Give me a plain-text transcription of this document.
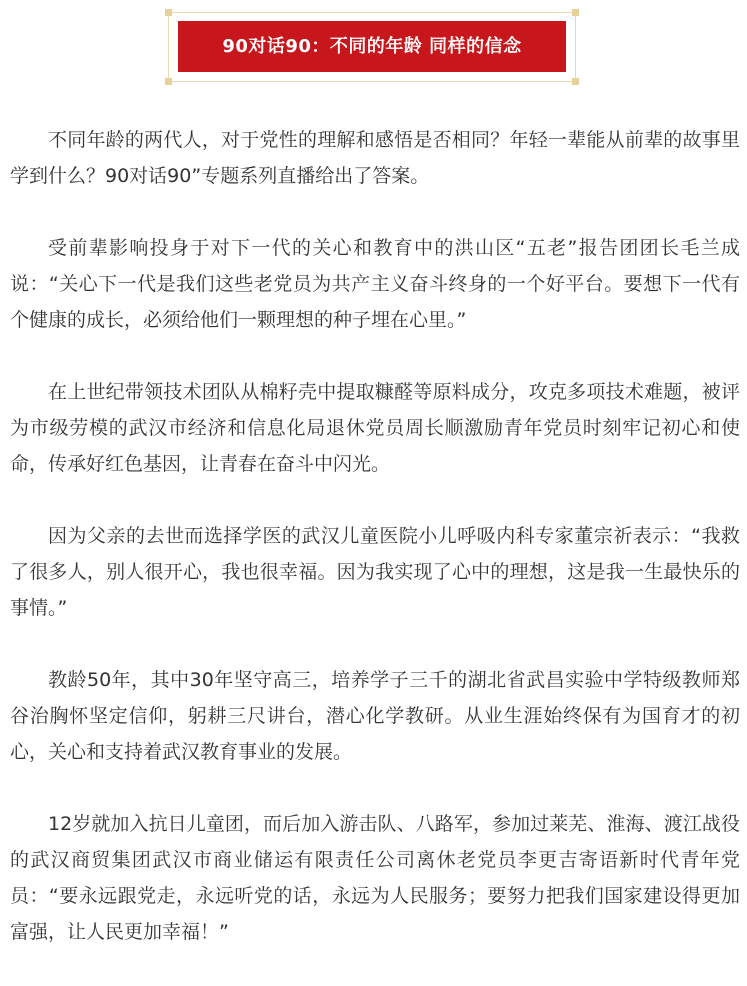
90对话90：不同的年龄 同样的信念

不同年龄的两代人，对于党性的理解和感悟是否相同？年轻一辈能从前辈的故事里学到什么？90对话90”专题系列直播给出了答案。

受前辈影响投身于对下一代的关心和教育中的洪山区“五老”报告团团长毛兰成说：“关心下一代是我们这些老党员为共产主义奋斗终身的一个好平台。要想下一代有个健康的成长，必须给他们一颗理想的种子埋在心里。”

在上世纪带领技术团队从棉籽壳中提取糠醛等原料成分，攻克多项技术难题，被评为市级劳模的武汉市经济和信息化局退休党员周长顺激励青年党员时刻牢记初心和使命，传承好红色基因，让青春在奋斗中闪光。

因为父亲的去世而选择学医的武汉儿童医院小儿呼吸内科专家董宗祈表示：“我救了很多人，别人很开心，我也很幸福。因为我实现了心中的理想，这是我一生最快乐的事情。”

教龄50年，其中30年坚守高三，培养学子三千的湖北省武昌实验中学特级教师郑谷治胸怀坚定信仰，躬耕三尺讲台，潜心化学教研。从业生涯始终保有为国育才的初心，关心和支持着武汉教育事业的发展。

12岁就加入抗日儿童团，而后加入游击队、八路军，参加过莱芜、淮海、渡江战役的武汉商贸集团武汉市商业储运有限责任公司离休老党员李更吉寄语新时代青年党员：“要永远跟党走，永远听党的话，永远为人民服务；要努力把我们国家建设得更加富强，让人民更加幸福！”
